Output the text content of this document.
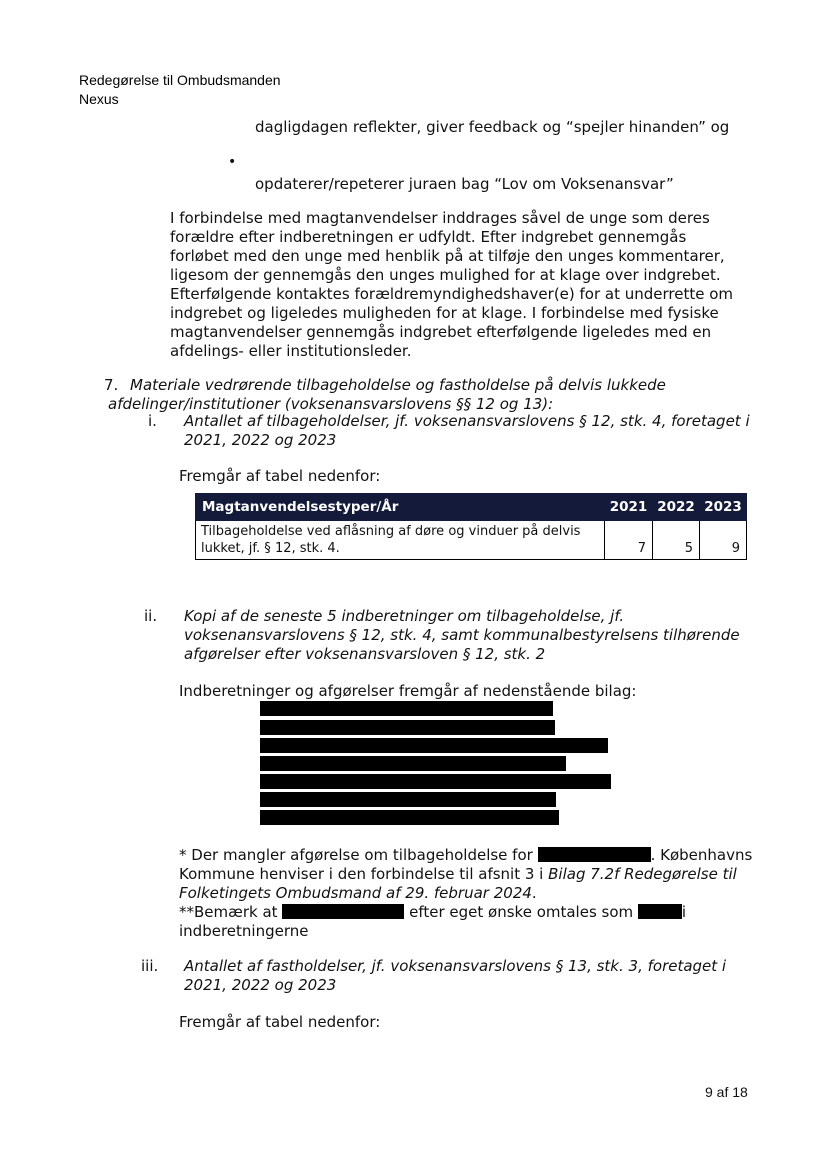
Redegørelse til Ombudsmanden
Nexus
dagligdagen reflekter, giver feedback og “spejler hinanden” og
•
opdaterer/repeterer juraen bag “Lov om Voksenansvar”
I forbindelse med magtanvendelser inddrages såvel de unge som deres
forældre efter indberetningen er udfyldt. Efter indgrebet gennemgås
forløbet med den unge med henblik på at tilføje den unges kommentarer,
ligesom der gennemgås den unges mulighed for at klage over indgrebet.
Efterfølgende kontaktes forældremyndighedshaver(e) for at underrette om
indgrebet og ligeledes muligheden for at klage. I forbindelse med fysiske
magtanvendelser gennemgås indgrebet efterfølgende ligeledes med en
afdelings- eller institutionsleder.
7. Materiale vedrørende tilbageholdelse og fastholdelse på delvis lukkede
afdelinger/institutioner (voksenansvarslovens §§ 12 og 13):
i. Antallet af tilbageholdelser, jf. voksenansvarslovens § 12, stk. 4, foretaget i
2021, 2022 og 2023
Fremgår af tabel nedenfor:
Magtanvendelsestyper/År	2021	2022	2023

Tilbageholdelse ved aflåsning af døre og vinduer på delvis
lukket, jf. § 12, stk. 4.	7	5	9
ii. Kopi af de seneste 5 indberetninger om tilbageholdelse, jf.
voksenansvarslovens § 12, stk. 4, samt kommunalbestyrelsens tilhørende
afgørelser efter voksenansvarsloven § 12, stk. 2
Indberetninger og afgørelser fremgår af nedenstående bilag:
* Der mangler afgørelse om tilbageholdelse for	. Københavns
Kommune henviser i den forbindelse til afsnit 3 i Bilag 7.2f Redegørelse til
Folketingets Ombudsmand af 29. februar 2024.
**Bemærk at	efter eget ønske omtales som	i
indberetningerne
iii. Antallet af fastholdelser, jf. voksenansvarslovens § 13, stk. 3, foretaget i
2021, 2022 og 2023
Fremgår af tabel nedenfor:
9 af 18
